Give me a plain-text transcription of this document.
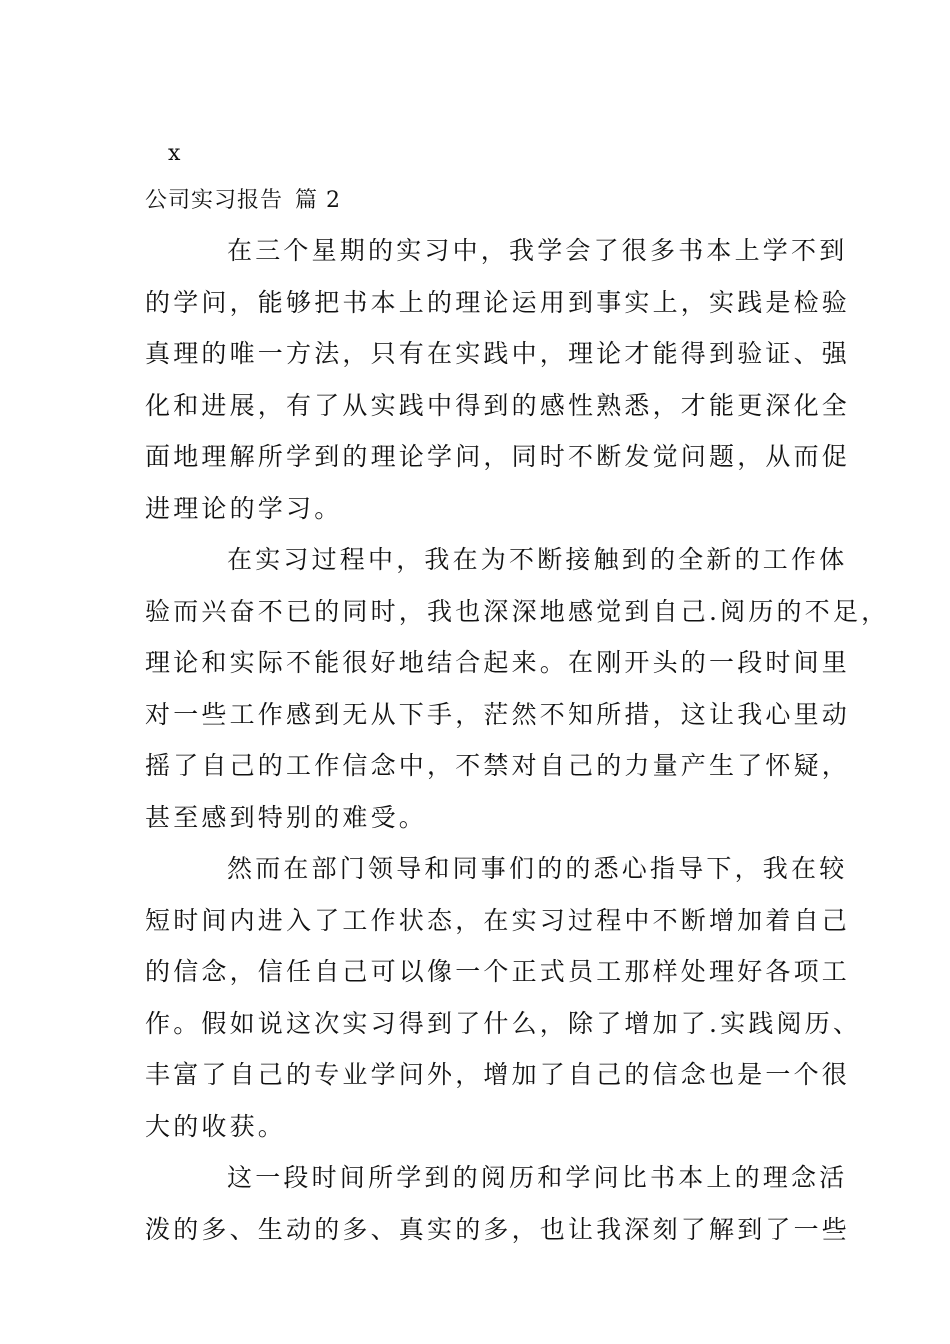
x
公司实习报告 篇 2
在三个星期的实习中，我学会了很多书本上学不到
的学问，能够把书本上的理论运用到事实上，实践是检验
真理的唯一方法，只有在实践中，理论才能得到验证、强
化和进展，有了从实践中得到的感性熟悉，才能更深化全
面地理解所学到的理论学问，同时不断发觉问题，从而促
进理论的学习。
在实习过程中，我在为不断接触到的全新的工作体
验而兴奋不已的同时，我也深深地感觉到自己.阅历的不足，
理论和实际不能很好地结合起来。在刚开头的一段时间里
对一些工作感到无从下手，茫然不知所措，这让我心里动
摇了自己的工作信念中，不禁对自己的力量产生了怀疑，
甚至感到特别的难受。
然而在部门领导和同事们的的悉心指导下，我在较
短时间内进入了工作状态，在实习过程中不断增加着自己
的信念，信任自己可以像一个正式员工那样处理好各项工
作。假如说这次实习得到了什么，除了增加了.实践阅历、
丰富了自己的专业学问外，增加了自己的信念也是一个很
大的收获。
这一段时间所学到的阅历和学问比书本上的理念活
泼的多、生动的多、真实的多，也让我深刻了解到了一些
